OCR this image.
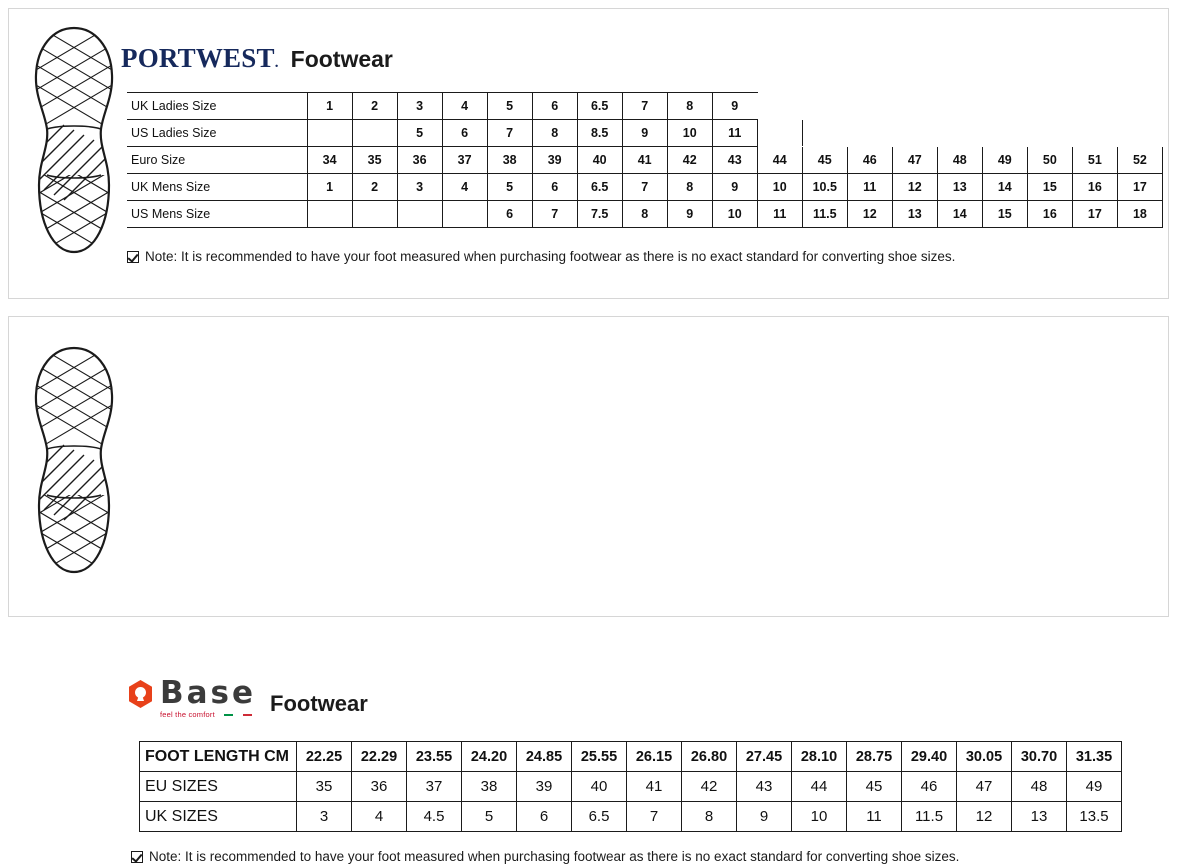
PORTWEST. Footwear
UK Ladies Size	1	2	3	4	5	6	6.5	7	8	9									
US Ladies Size			5	6	7	8	8.5	9	10	11									
Euro Size	34	35	36	37	38	39	40	41	42	43	44	45	46	47	48	49	50	51	52
UK Mens Size	1	2	3	4	5	6	6.5	7	8	9	10	10.5	11	12	13	14	15	16	17
US Mens Size					6	7	7.5	8	9	10	11	11.5	12	13	14	15	16	17	18
Note: It is recommended to have your foot measured when purchasing footwear as there is no exact standard for converting shoe sizes.
Base
feel the comfort	Footwear
FOOT LENGTH CM	22.25	22.29	23.55	24.20	24.85	25.55	26.15	26.80	27.45	28.10	28.75	29.40	30.05	30.70	31.35
EU SIZES	35	36	37	38	39	40	41	42	43	44	45	46	47	48	49
UK SIZES	3	4	4.5	5	6	6.5	7	8	9	10	11	11.5	12	13	13.5
Note: It is recommended to have your foot measured when purchasing footwear as there is no exact standard for converting shoe sizes.
